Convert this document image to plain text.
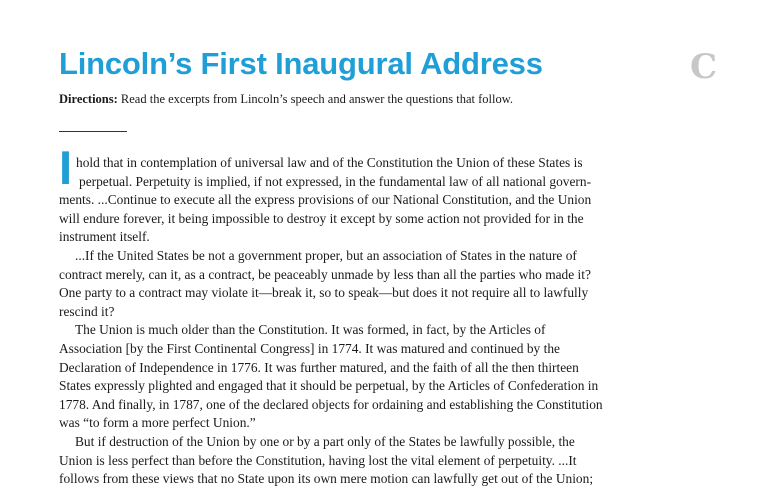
Lincoln’s First Inaugural Address	C
Directions: Read the excerpts from Lincoln’s speech and answer the questions that follow.
I hold that in contemplation of universal law and of the Constitution the Union of these States is
perpetual. Perpetuity is implied, if not expressed, in the fundamental law of all national govern-
ments. ...Continue to execute all the express provisions of our National Constitution, and the Union
will endure forever, it being impossible to destroy it except by some action not provided for in the
instrument itself.

...If the United States be not a government proper, but an association of States in the nature of
contract merely, can it, as a contract, be peaceably unmade by less than all the parties who made it?
One party to a contract may violate it—break it, so to speak—but does it not require all to lawfully
rescind it?

The Union is much older than the Constitution. It was formed, in fact, by the Articles of
Association [by the First Continental Congress] in 1774. It was matured and continued by the
Declaration of Independence in 1776. It was further matured, and the faith of all the then thirteen
States expressly plighted and engaged that it should be perpetual, by the Articles of Confederation in
1778. And finally, in 1787, one of the declared objects for ordaining and establishing the Constitution
was “to form a more perfect Union.”

But if destruction of the Union by one or by a part only of the States be lawfully possible, the
Union is less perfect than before the Constitution, having lost the vital element of perpetuity. ...It
follows from these views that no State upon its own mere motion can lawfully get out of the Union;
